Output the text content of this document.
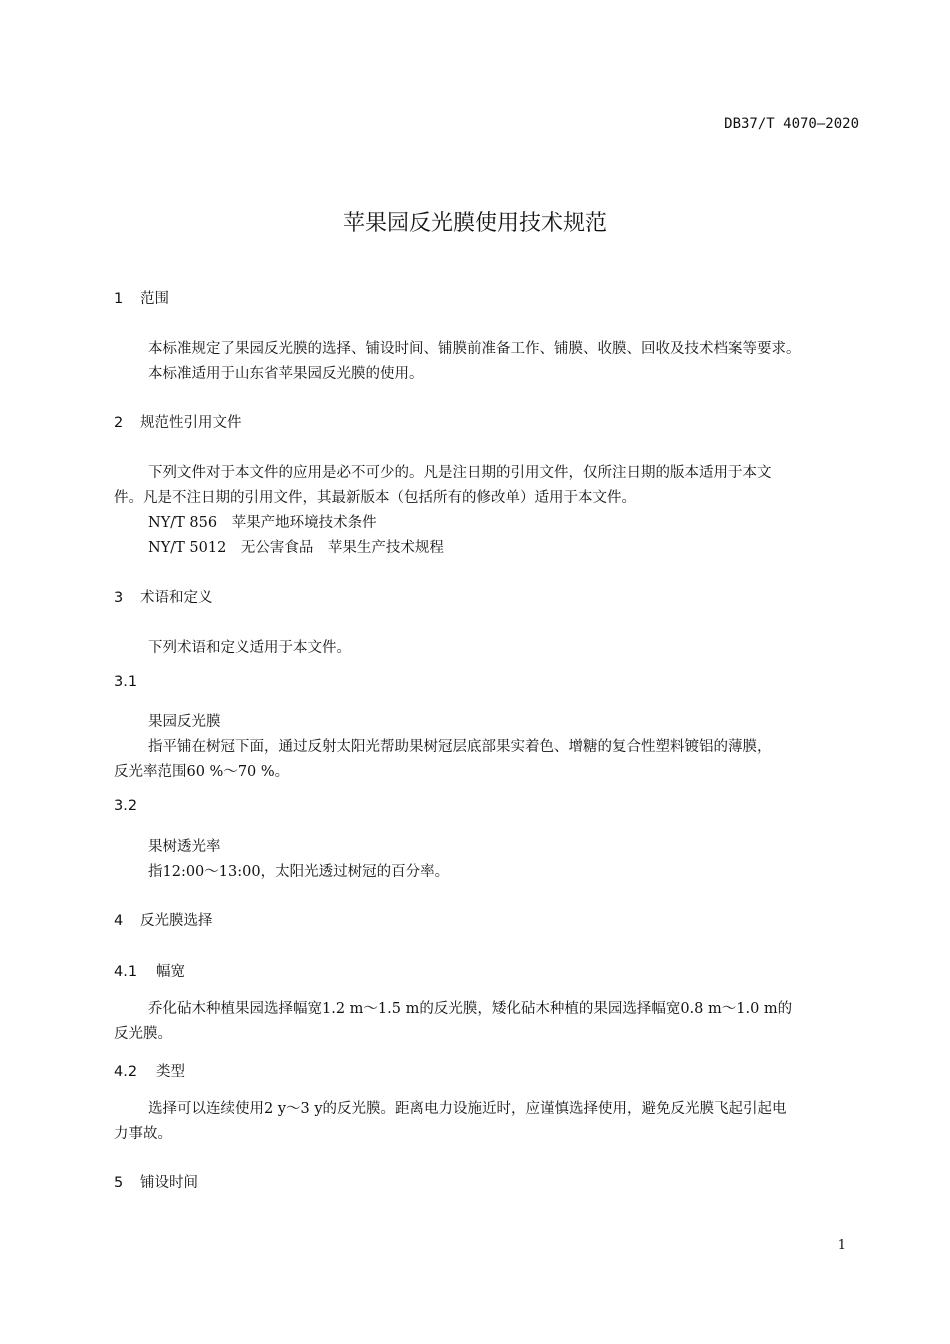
DB37/T 4070—2020
苹果园反光膜使用技术规范
1 范围
本标准规定了果园反光膜的选择、铺设时间、铺膜前准备工作、铺膜、收膜、回收及技术档案等要求。
本标准适用于山东省苹果园反光膜的使用。
2 规范性引用文件
下列文件对于本文件的应用是必不可少的。凡是注日期的引用文件，仅所注日期的版本适用于本文
件。凡是不注日期的引用文件，其最新版本（包括所有的修改单）适用于本文件。
NY/T 856　苹果产地环境技术条件
NY/T 5012　无公害食品　苹果生产技术规程
3 术语和定义
下列术语和定义适用于本文件。
3.1
果园反光膜
指平铺在树冠下面，通过反射太阳光帮助果树冠层底部果实着色、增糖的复合性塑料镀铝的薄膜，
反光率范围60 %～70 %。
3.2
果树透光率
指12:00～13:00，太阳光透过树冠的百分率。
4 反光膜选择
4.1 幅宽
乔化砧木种植果园选择幅宽1.2 m～1.5 m的反光膜，矮化砧木种植的果园选择幅宽0.8 m～1.0 m的
反光膜。
4.2 类型
选择可以连续使用2 y～3 y的反光膜。距离电力设施近时，应谨慎选择使用，避免反光膜飞起引起电
力事故。
5 铺设时间
1
